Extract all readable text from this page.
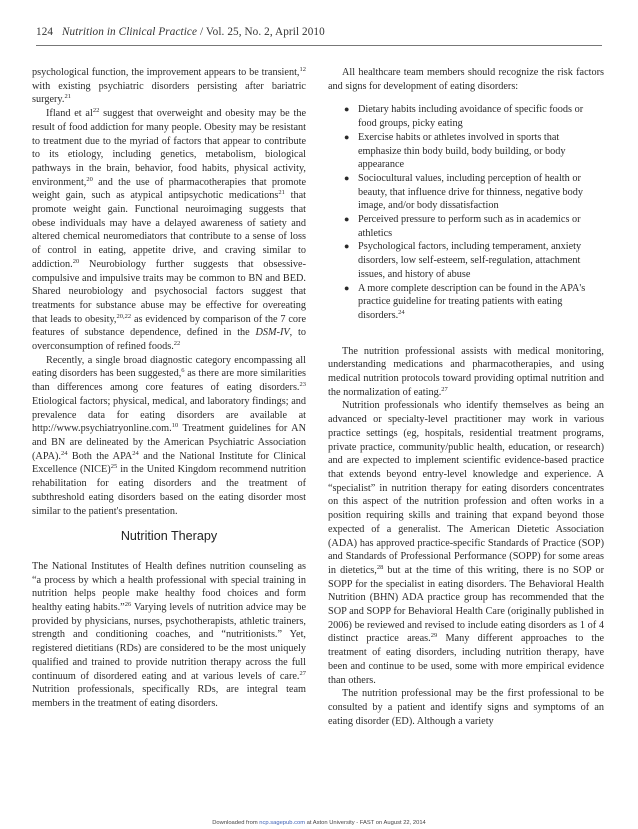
124 Nutrition in Clinical Practice / Vol. 25, No. 2, April 2010

psychological function, the improvement appears to be transient,$^{12}$ with existing psychiatric disorders persisting after bariatric surgery.$^{21}$

Ifland et $al^{22}$ suggest that overweight and obesity may be the result of food addiction for many people. Obesity may be resistant to treatment due to the myriad of factors that appear to contribute to its etiology, including genetics, metabolism, biological pathways in the brain, behavior, food habits, physical activity, environment,$^{20}$ and the use of pharmacotherapies that promote weight gain, such as atypical antipsychotic medications$^{21}$ that promote weight gain. Functional neuroimaging suggests that obese individuals may have a delayed awareness of satiety and altered chemical neuromediators that contribute to a sense of loss of control in eating, appetite drive, and craving similar to addiction.$^{20}$ Neurobiology further suggests that obsessive-compulsive and impulsive traits may be common to BN and BED. Shared neurobiology and psychosocial factors suggest that treatments for substance abuse may be effective for overeating that leads to obesity,$^{20,22}$ as evidenced by comparison of the 7 core features of substance dependence, defined in the DSM-IV, to overconsumption of refined foods.$^{22}$

Recently, a single broad diagnostic category encompassing all eating disorders has been suggested,$^6$ as there are more similarities than differences among core features of eating disorders.$^{23}$ Etiological factors; physical, medical, and laboratory findings; and prevalence data for eating disorders are available at http://www.psychiatryonline.com.$^{10}$ Treatment guidelines for AN and BN are delineated by the American Psychiatric Association (APA).$^{24}$ Both the APA$^{24}$ and the National Institute for Clinical Excellence (NICE)$^{25}$ in the United Kingdom recommend nutrition rehabilitation for eating disorders and the treatment of subthreshold eating disorders based on the eating disorder most similar to the patient's presentation.

Nutrition Therapy

The National Institutes of Health defines nutrition counseling as “a process by which a health professional with special training in nutrition helps people make healthy food choices and form healthy eating habits.”$^{26}$ Varying levels of nutrition advice may be provided by physicians, nurses, psychotherapists, athletic trainers, strength and conditioning coaches, and “nutritionists.” Yet, registered dietitians (RDs) are considered to be the most uniquely qualified and trained to provide nutrition therapy across the full continuum of disordered eating and at various levels of care.$^{27}$ Nutrition professionals, specifically RDs, are integral team members in the treatment of eating disorders.

All healthcare team members should recognize the risk factors and signs for development of eating disorders:

● Dietary habits including avoidance of specific foods or food groups, picky eating
● Exercise habits or athletes involved in sports that emphasize thin body build, body building, or body appearance
● Sociocultural values, including perception of health or beauty, that influence drive for thinness, negative body image, and/or body dissatisfaction
● Perceived pressure to perform such as in academics or athletics
● Psychological factors, including temperament, anxiety disorders, low self-esteem, self-regulation, attachment issues, and history of abuse
● A more complete description can be found in the APA's practice guideline for treating patients with eating disorders.$^{24}$

The nutrition professional assists with medical monitoring, understanding medications and pharmacotherapies, and using medical nutrition protocols toward providing optimal nutrition and the normalization of eating.$^{27}$

Nutrition professionals who identify themselves as being an advanced or specialty-level practitioner may work in various practice settings (eg, hospitals, residential treatment programs, private practice, community/public health, education, or research) and are expected to implement scientific evidence-based practice that extends beyond entry-level knowledge and experience. A “specialist” in nutrition therapy for eating disorders concentrates on this aspect of the nutrition profession and often works in a position requiring skills and training that expand beyond those expected of a generalist. The American Dietetic Association (ADA) has approved practice-specific Standards of Practice (SOP) and Standards of Professional Performance (SOPP) for some areas in dietetics,$^{28}$ but at the time of this writing, there is no SOP or SOPP for the specialist in eating disorders. The Behavioral Health Nutrition (BHN) ADA practice group has recommended that the SOP and SOPP for Behavioral Health Care (originally published in 2006) be reviewed and revised to include eating disorders as 1 of 4 distinct practice areas.$^{29}$ Many different approaches to the treatment of eating disorders, including nutrition therapy, have been and continue to be used, some with more empirical evidence than others.

The nutrition professional may be the first professional to be consulted by a patient and identify signs and symptoms of an eating disorder (ED). Although a variety

Downloaded from ncp.sagepub.com at Aston University - FAST on August 22, 2014
